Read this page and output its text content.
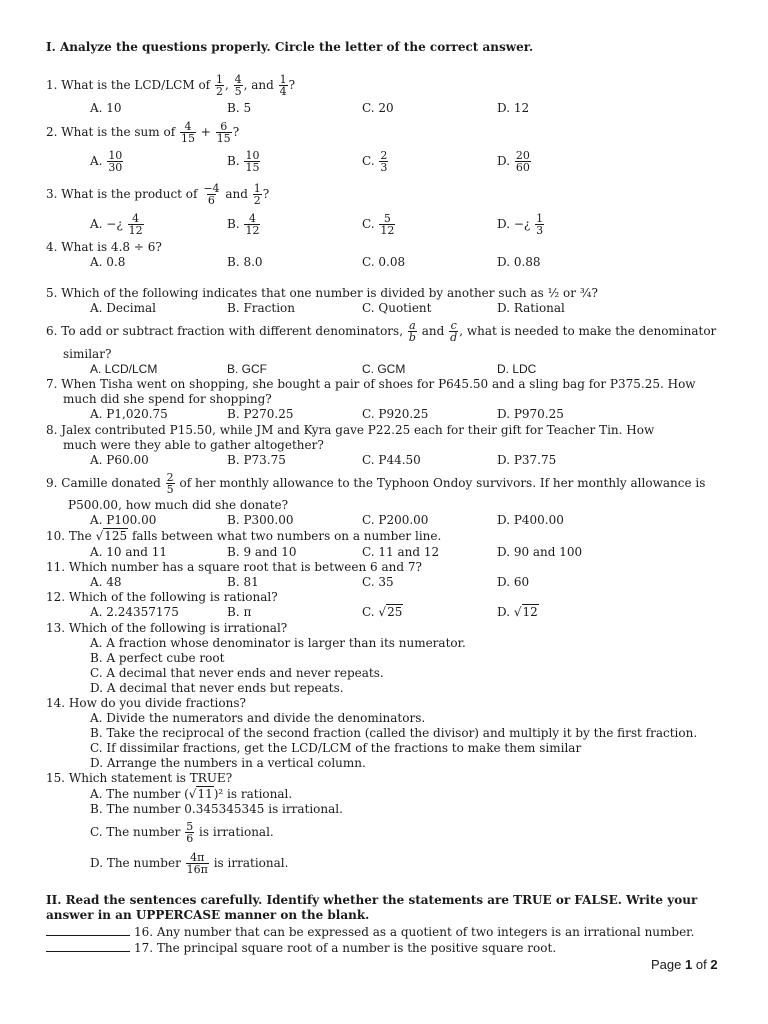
I. Analyze the questions properly. Circle the letter of the correct answer.
1. What is the LCD/LCM of $\frac{1}{2}$ , $\frac{4}{5}$ , and $\frac{1}{4}$ ?
A. 10	B. 5	C. 20	D. 12
2. What is the sum of $\frac{4}{15} + \frac{6}{15}$ ?
A. $\frac{10}{30}$	B. $\frac{10}{15}$	C. $\frac{2}{3}$	D. $\frac{20}{60}$
3. What is the product of $\frac{-4}{6}$ and $\frac{1}{2}$ ?
A. −¿ $\frac{4}{12}$	B. $\frac{4}{12}$	C. $\frac{5}{12}$	D. −¿ $\frac{1}{3}$
4. What is 4.8 ÷ 6?
A. 0.8	B. 8.0	C. 0.08	D. 0.88
5. Which of the following indicates that one number is divided by another such as ½ or ¾?
A. Decimal	B. Fraction	C. Quotient	D. Rational
6. To add or subtract fraction with different denominators, $\frac{a}{b}$ and $\frac{c}{d}$ , what is needed to make the denominator
similar?
A. LCD/LCM	B. GCF	C. GCM	D. LDC
7. When Tisha went on shopping, she bought a pair of shoes for P645.50 and a sling bag for P375.25. How
much did she spend for shopping?
A. P1,020.75	B. P270.25	C. P920.25	D. P970.25
8. Jalex contributed P15.50, while JM and Kyra gave P22.25 each for their gift for Teacher Tin. How
much were they able to gather altogether?
A. P60.00	B. P73.75	C. P44.50	D. P37.75
9. Camille donated $\frac{2}{5}$ of her monthly allowance to the Typhoon Ondoy survivors. If her monthly allowance is
P500.00, how much did she donate?
A. P100.00	B. P300.00	C. P200.00	D. P400.00
10. The √125 falls between what two numbers on a number line.
A. 10 and 11	B. 9 and 10	C. 11 and 12	D. 90 and 100
11. Which number has a square root that is between 6 and 7?
A. 48	B. 81	C. 35	D. 60
12. Which of the following is rational?
A. 2.24357175	B. π	C. √25	D. √12
13. Which of the following is irrational?
A. A fraction whose denominator is larger than its numerator.
B. A perfect cube root
C. A decimal that never ends and never repeats.
D. A decimal that never ends but repeats.
14. How do you divide fractions?
A. Divide the numerators and divide the denominators.
B. Take the reciprocal of the second fraction (called the divisor) and multiply it by the first fraction.
C. If dissimilar fractions, get the LCD/LCM of the fractions to make them similar
D. Arrange the numbers in a vertical column.
15. Which statement is TRUE?
A. The number (√11)² is rational.
B. The number 0.345345345 is irrational.
C. The number $\frac{5}{6}$ is irrational.
D. The number $\frac{4\pi}{16\pi}$ is irrational.
II. Read the sentences carefully. Identify whether the statements are TRUE or FALSE. Write your
answer in an UPPERCASE manner on the blank.
16. Any number that can be expressed as a quotient of two integers is an irrational number.
17. The principal square root of a number is the positive square root.
Page 1 of 2
